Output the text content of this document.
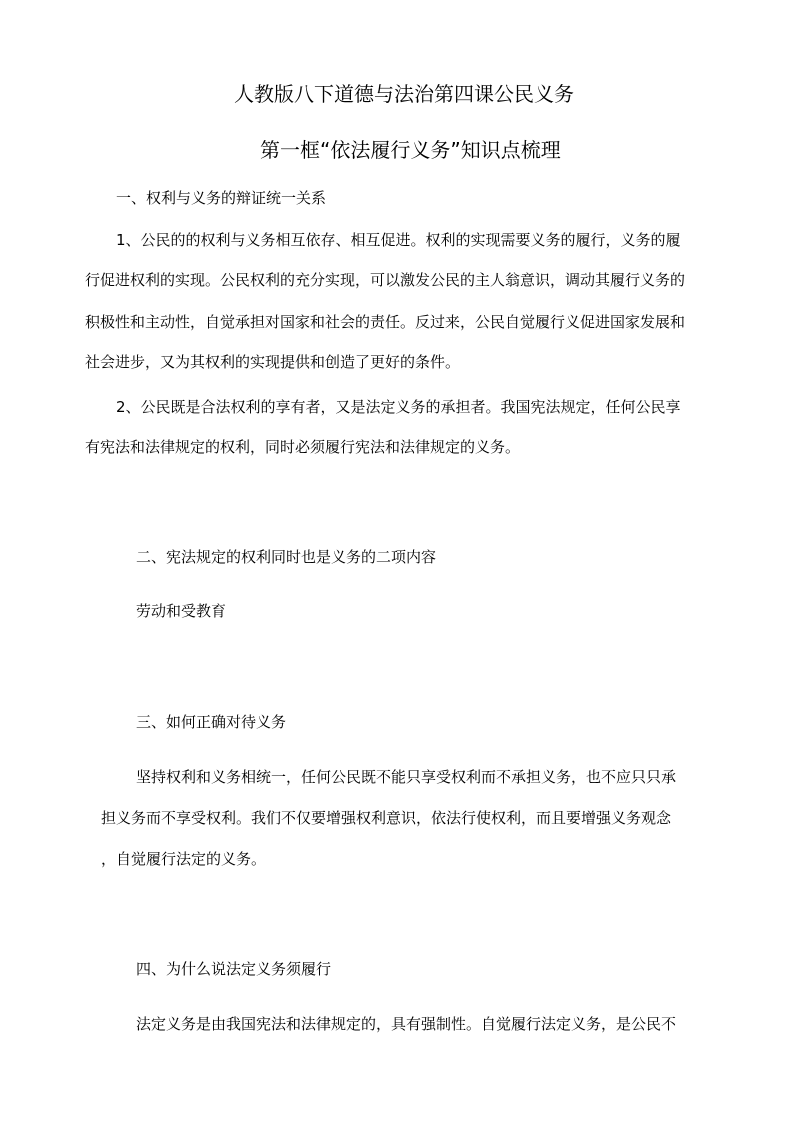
人教版八下道德与法治第四课公民义务

第一框“依法履行义务”知识点梳理

一、权利与义务的辩证统一关系

1、公民的的权利与义务相互依存、相互促进。权利的实现需要义务的履行，义务的履

行促进权利的实现。公民权利的充分实现，可以激发公民的主人翁意识，调动其履行义务的

积极性和主动性，自觉承担对国家和社会的责任。反过来，公民自觉履行义促进国家发展和

社会进步，又为其权利的实现提供和创造了更好的条件。

2、公民既是合法权利的享有者，又是法定义务的承担者。我国宪法规定，任何公民享

有宪法和法律规定的权利，同时必须履行宪法和法律规定的义务。

二、宪法规定的权利同时也是义务的二项内容

劳动和受教育

三、如何正确对待义务

坚持权利和义务相统一，任何公民既不能只享受权利而不承担义务，也不应只只承

担义务而不享受权利。我们不仅要增强权利意识，依法行使权利，而且要增强义务观念

，自觉履行法定的义务。

四、为什么说法定义务须履行

法定义务是由我国宪法和法律规定的，具有强制性。自觉履行法定义务，是公民不
